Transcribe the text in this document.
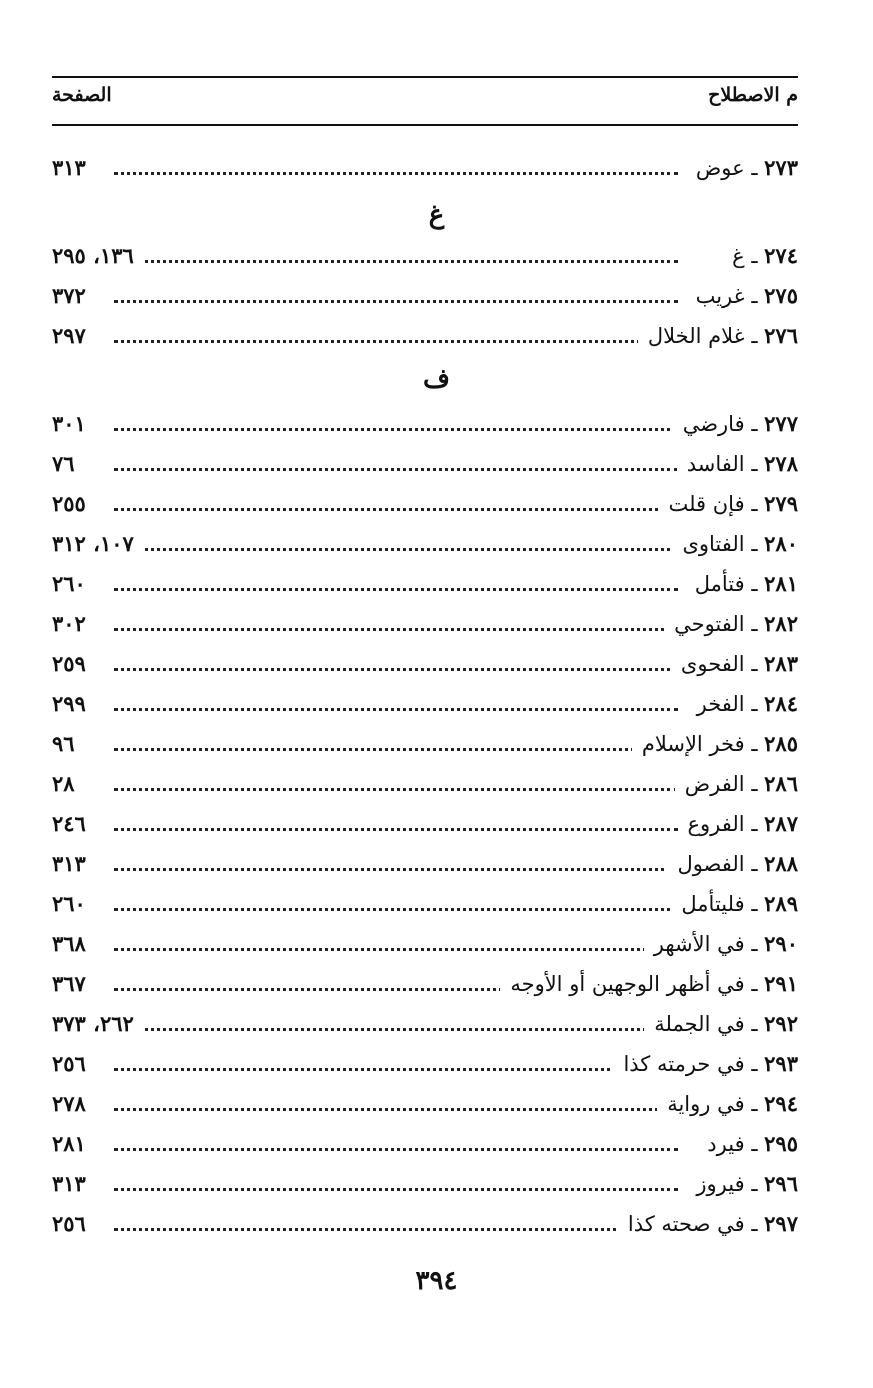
م الاصطلاح
الصفحة
غ
ف
٢٧٣ ـ عوض
٣١٣
٢٧٤ ـ غ
١٣٦، ٢٩٥
٢٧٥ ـ غريب
٣٧٢
٢٧٦ ـ غلام الخلال
٢٩٧
٢٧٧ ـ فارضي
٣٠١
٢٧٨ ـ الفاسد
٧٦
٢٧٩ ـ فإن قلت
٢٥٥
٢٨٠ ـ الفتاوى
١٠٧، ٣١٢
٢٨١ ـ فتأمل
٢٦٠
٢٨٢ ـ الفتوحي
٣٠٢
٢٨٣ ـ الفحوى
٢٥٩
٢٨٤ ـ الفخر
٢٩٩
٢٨٥ ـ فخر الإسلام
٩٦
٢٨٦ ـ الفرض
٢٨
٢٨٧ ـ الفروع
٢٤٦
٢٨٨ ـ الفصول
٣١٣
٢٨٩ ـ فليتأمل
٢٦٠
٢٩٠ ـ في الأشهر
٣٦٨
٢٩١ ـ في أظهر الوجهين أو الأوجه
٣٦٧
٢٩٢ ـ في الجملة
٢٦٢، ٣٧٣
٢٩٣ ـ في حرمته كذا
٢٥٦
٢٩٤ ـ في رواية
٢٧٨
٢٩٥ ـ فيرد
٢٨١
٢٩٦ ـ فيروز
٣١٣
٢٩٧ ـ في صحته كذا
٢٥٦
٣٩٤
